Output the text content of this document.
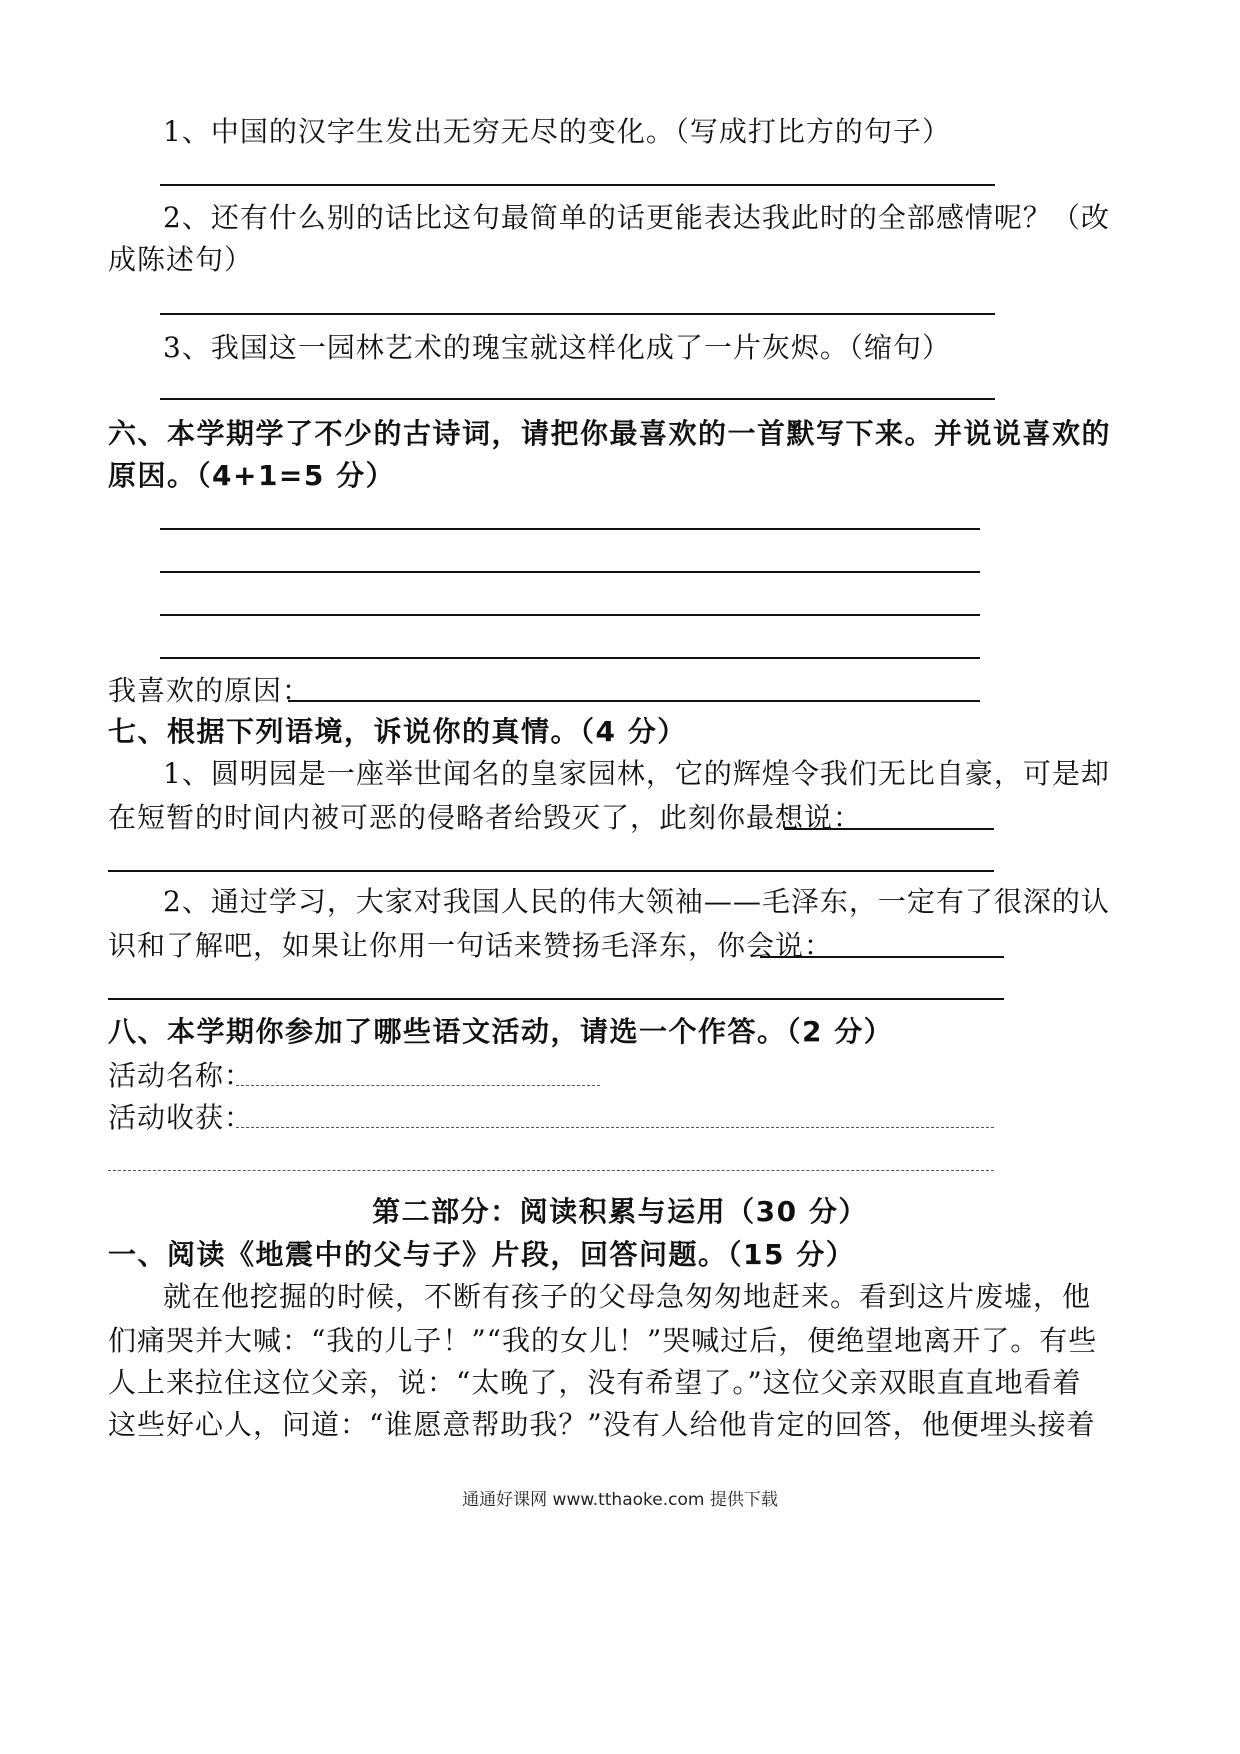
1、中国的汉字生发出无穷无尽的变化。（写成打比方的句子）
2、还有什么别的话比这句最简单的话更能表达我此时的全部感情呢？（改
成陈述句）
3、我国这一园林艺术的瑰宝就这样化成了一片灰烬。（缩句）
六、本学期学了不少的古诗词，请把你最喜欢的一首默写下来。并说说喜欢的
原因。（4+1=5 分）
我喜欢的原因：
七、根据下列语境，诉说你的真情。（4 分）
1、圆明园是一座举世闻名的皇家园林，它的辉煌令我们无比自豪，可是却
在短暂的时间内被可恶的侵略者给毁灭了，此刻你最想说：
2、通过学习，大家对我国人民的伟大领袖——毛泽东，一定有了很深的认
识和了解吧，如果让你用一句话来赞扬毛泽东，你会说：
八、本学期你参加了哪些语文活动，请选一个作答。（2 分）
活动名称：
活动收获：
第二部分：阅读积累与运用（30 分）
一、阅读《地震中的父与子》片段，回答问题。（15 分）
就在他挖掘的时候，不断有孩子的父母急匆匆地赶来。看到这片废墟，他
们痛哭并大喊：“我的儿子！”“我的女儿！”哭喊过后，便绝望地离开了。有些
人上来拉住这位父亲，说：“太晚了，没有希望了。”这位父亲双眼直直地看着
这些好心人，问道：“谁愿意帮助我？”没有人给他肯定的回答，他便埋头接着
通通好课网 www.tthaoke.com 提供下载
